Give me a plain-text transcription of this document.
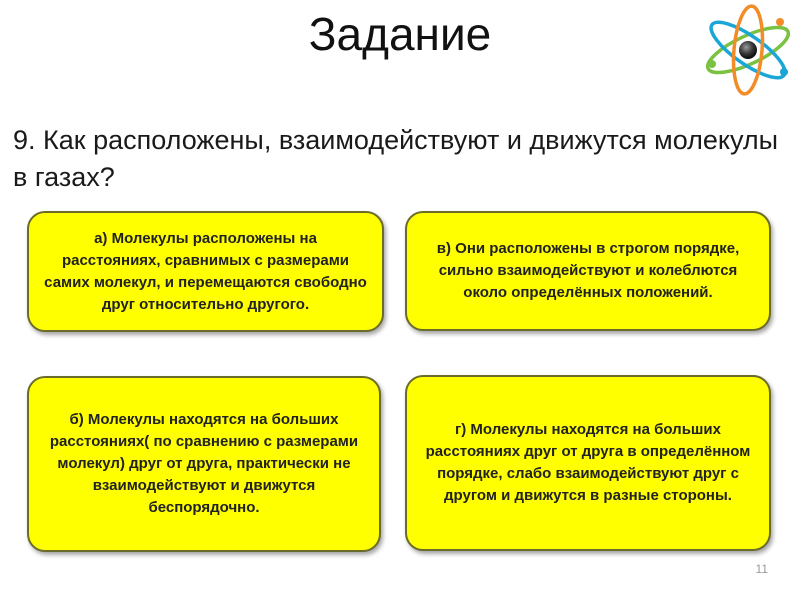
Задание
9. Как расположены, взаимодействуют и движутся молекулы в газах?
а) Молекулы расположены на расстояниях, сравнимых с размерами самих молекул, и перемещаются свободно друг относительно другого.
в) Они расположены в строгом порядке, сильно взаимодействуют и колеблются около определённых положений.
б) Молекулы находятся на больших расстояниях( по сравнению с размерами молекул) друг от друга, практически не взаимодействуют и движутся беспорядочно.
г) Молекулы находятся на больших расстояниях друг от друга в определённом порядке, слабо взаимодействуют друг с другом и движутся в разные стороны.
11
